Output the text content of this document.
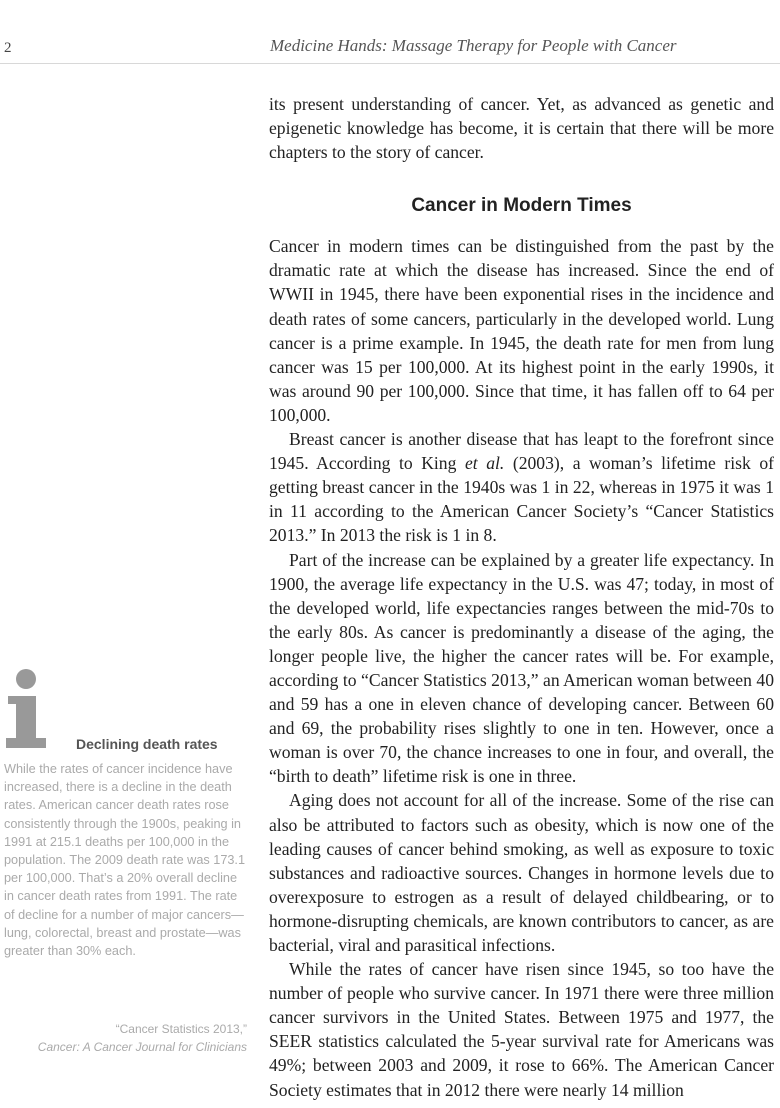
2	Medicine Hands: Massage Therapy for People with Cancer

its present understanding of cancer. Yet, as advanced as genetic and epigenetic knowledge has become, it is certain that there will be more chapters to the story of cancer.

Cancer in Modern Times

Cancer in modern times can be distinguished from the past by the dramatic rate at which the disease has increased. Since the end of WWII in 1945, there have been exponential rises in the incidence and death rates of some cancers, particularly in the developed world. Lung cancer is a prime example. In 1945, the death rate for men from lung cancer was 15 per 100,000. At its highest point in the early 1990s, it was around 90 per 100,000. Since that time, it has fallen off to 64 per 100,000.

Breast cancer is another disease that has leapt to the forefront since 1945. According to King et al. (2003), a woman’s lifetime risk of getting breast cancer in the 1940s was 1 in 22, whereas in 1975 it was 1 in 11 according to the American Cancer Society’s “Cancer Statistics 2013.” In 2013 the risk is 1 in 8.

Part of the increase can be explained by a greater life expectancy. In 1900, the average life expectancy in the U.S. was 47; today, in most of the developed world, life expectancies ranges between the mid-70s to the early 80s. As cancer is predominantly a disease of the aging, the longer people live, the higher the cancer rates will be. For example, according to “Cancer Statistics 2013,” an American woman between 40 and 59 has a one in eleven chance of developing cancer. Between 60 and 69, the probability rises slightly to one in ten. However, once a woman is over 70, the chance increases to one in four, and overall, the “birth to death” lifetime risk is one in three.

Aging does not account for all of the increase. Some of the rise can also be attributed to factors such as obesity, which is now one of the leading causes of cancer behind smoking, as well as exposure to toxic substances and radioactive sources. Changes in hormone levels due to overexposure to estrogen as a result of delayed childbearing, or to hormone-disrupting chemicals, are known contributors to cancer, as are bacterial, viral and parasitical infections.

While the rates of cancer have risen since 1945, so too have the number of people who survive cancer. In 1971 there were three million cancer survivors in the United States. Between 1975 and 1977, the SEER statistics calculated the 5-year survival rate for Americans was 49%; between 2003 and 2009, it rose to 66%. The American Cancer Society estimates that in 2012 there were nearly 14 million

Declining death rates
While the rates of cancer incidence have increased, there is a decline in the death rates. American cancer death rates rose consistently through the 1900s, peaking in 1991 at 215.1 deaths per 100,000 in the population. The 2009 death rate was 173.1 per 100,000. That’s a 20% overall decline in cancer death rates from 1991. The rate of decline for a number of major cancers—lung, colorectal, breast and prostate—was greater than 30% each.
“Cancer Statistics 2013,”
Cancer: A Cancer Journal for Clinicians
